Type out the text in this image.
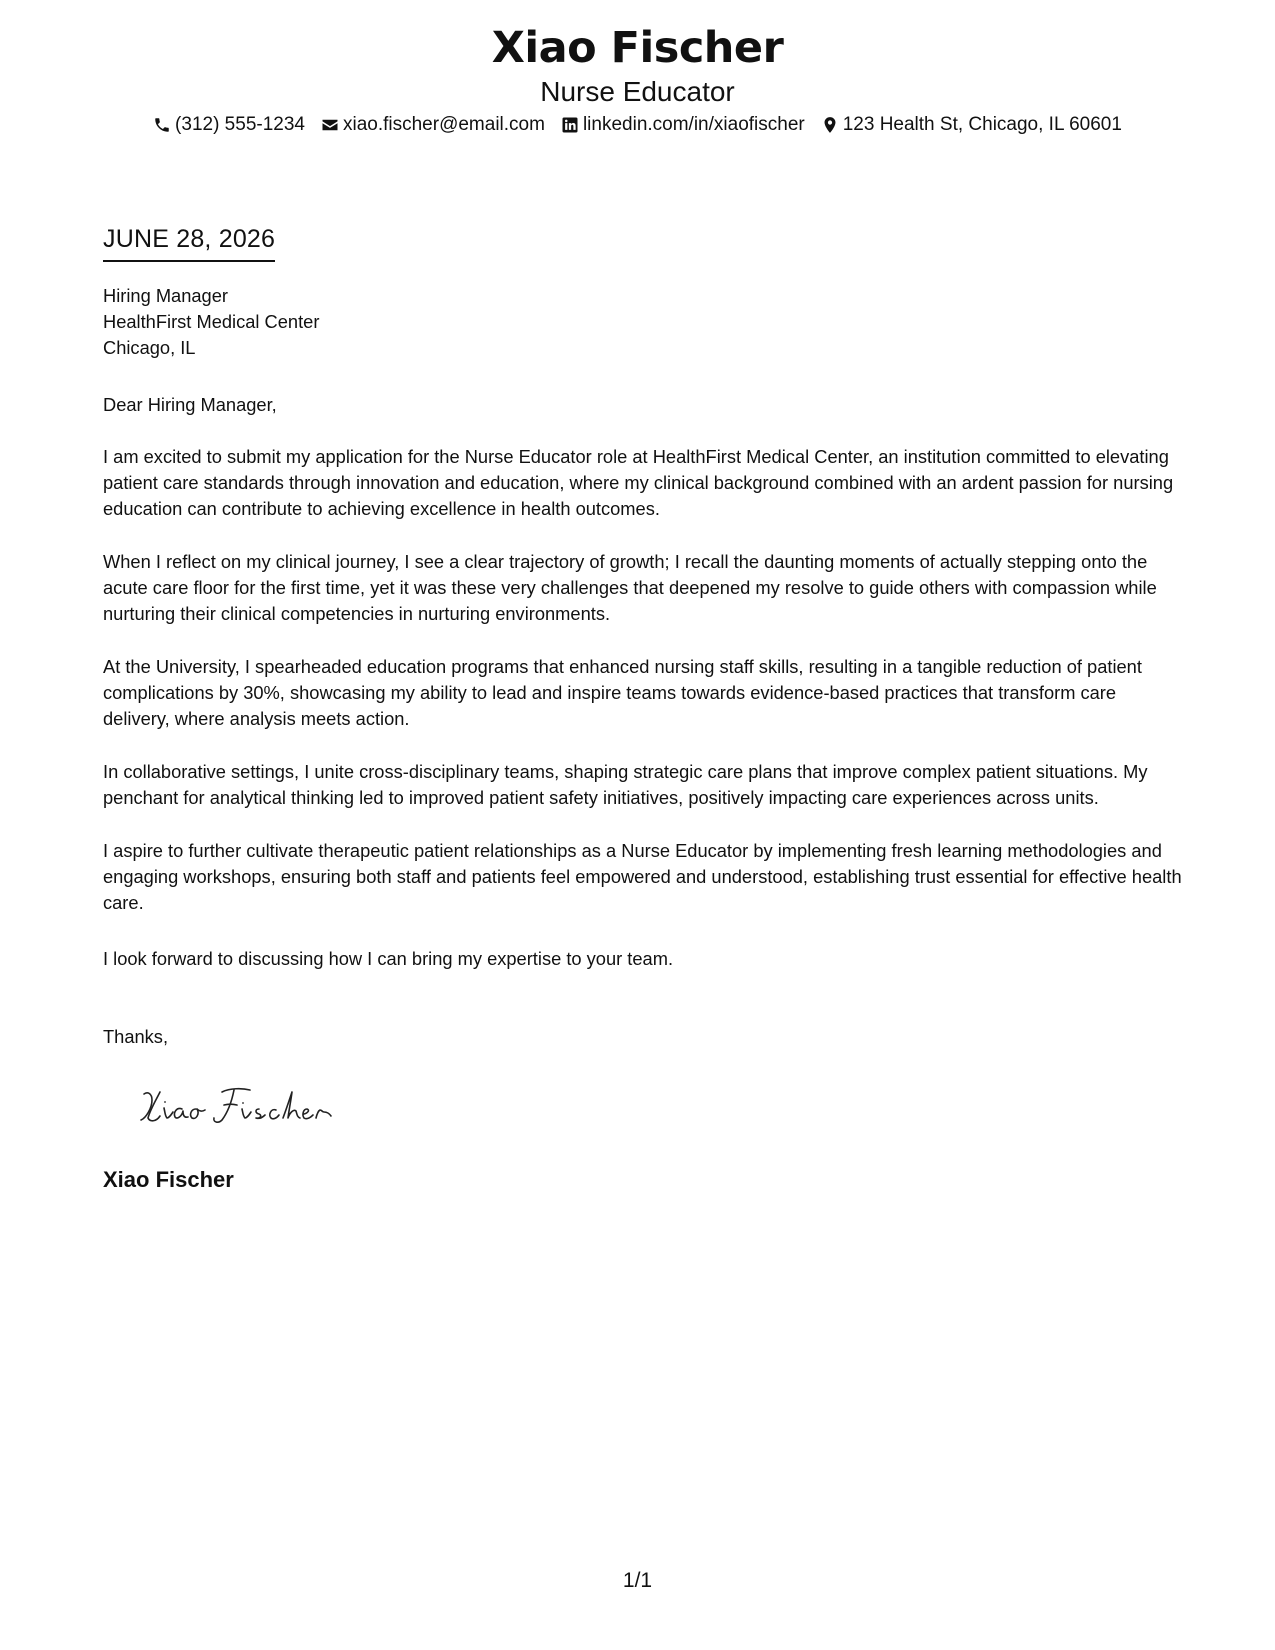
Xiao Fischer
Nurse Educator
(312) 555-1234 xiao.fischer@email.com linkedin.com/in/xiaofischer 123 Health St, Chicago, IL 60601
JUNE 28, 2026
Hiring Manager
HealthFirst Medical Center
Chicago, IL
Dear Hiring Manager,

I am excited to submit my application for the Nurse Educator role at HealthFirst Medical Center, an institution committed to elevating patient care standards through innovation and education, where my clinical background combined with an ardent passion for nursing education can contribute to achieving excellence in health outcomes.

When I reflect on my clinical journey, I see a clear trajectory of growth; I recall the daunting moments of actually stepping onto the acute care floor for the first time, yet it was these very challenges that deepened my resolve to guide others with compassion while nurturing their clinical competencies in nurturing environments.

At the University, I spearheaded education programs that enhanced nursing staff skills, resulting in a tangible reduction of patient complications by 30%, showcasing my ability to lead and inspire teams towards evidence-based practices that transform care delivery, where analysis meets action.

In collaborative settings, I unite cross-disciplinary teams, shaping strategic care plans that improve complex patient situations. My penchant for analytical thinking led to improved patient safety initiatives, positively impacting care experiences across units.

I aspire to further cultivate therapeutic patient relationships as a Nurse Educator by implementing fresh learning methodologies and engaging workshops, ensuring both staff and patients feel empowered and understood, establishing trust essential for effective health care.

I look forward to discussing how I can bring my expertise to your team.
Thanks,
Xiao Fischer
1/1
